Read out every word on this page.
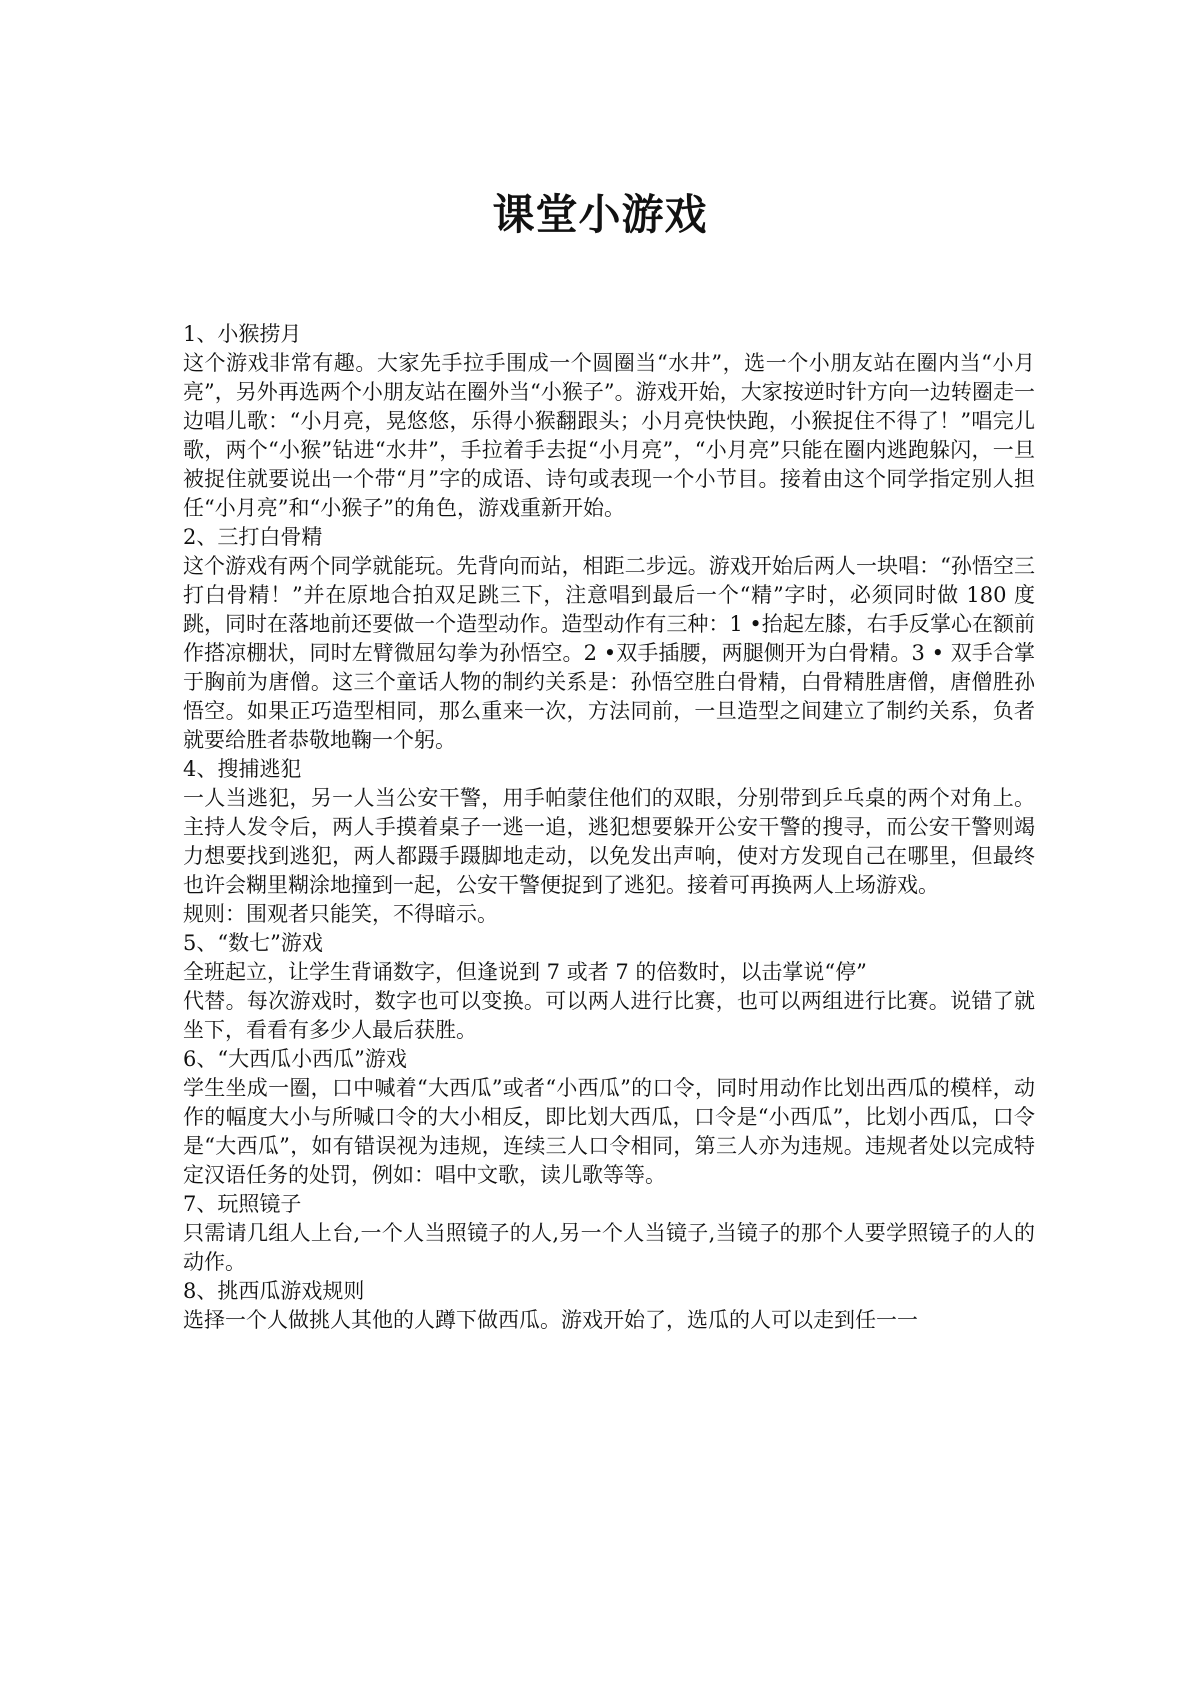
课堂小游戏

1、小猴捞月

这个游戏非常有趣。大家先手拉手围成一个圆圈当“水井”，选一个小朋友站在圈内当“小月亮”，另外再选两个小朋友站在圈外当“小猴子”。游戏开始，大家按逆时针方向一边转圈走一边唱儿歌：“小月亮，晃悠悠，乐得小猴翻跟头；小月亮快快跑，小猴捉住不得了！”唱完儿歌，两个“小猴”钻进“水井”，手拉着手去捉“小月亮”，“小月亮”只能在圈内逃跑躲闪，一旦被捉住就要说出一个带“月”字的成语、诗句或表现一个小节目。接着由这个同学指定别人担任“小月亮”和“小猴子”的角色，游戏重新开始。

2、三打白骨精

这个游戏有两个同学就能玩。先背向而站，相距二步远。游戏开始后两人一块唱：“孙悟空三打白骨精！”并在原地合拍双足跳三下，注意唱到最后一个“精”字时，必须同时做 180 度跳，同时在落地前还要做一个造型动作。造型动作有三种：1 •抬起左膝，右手反掌心在额前作搭凉棚状，同时左臂微屈勾拳为孙悟空。2 •双手插腰，两腿侧开为白骨精。3 • 双手合掌于胸前为唐僧。这三个童话人物的制约关系是：孙悟空胜白骨精，白骨精胜唐僧，唐僧胜孙悟空。如果正巧造型相同，那么重来一次，方法同前，一旦造型之间建立了制约关系，负者就要给胜者恭敬地鞠一个躬。

4、搜捕逃犯

一人当逃犯，另一人当公安干警，用手帕蒙住他们的双眼，分别带到乒乓桌的两个对角上。主持人发令后，两人手摸着桌子一逃一追，逃犯想要躲开公安干警的搜寻，而公安干警则竭力想要找到逃犯，两人都蹑手蹑脚地走动，以免发出声响，使对方发现自己在哪里，但最终也许会糊里糊涂地撞到一起，公安干警便捉到了逃犯。接着可再换两人上场游戏。

规则：围观者只能笑，不得暗示。

5、“数七”游戏

全班起立，让学生背诵数字，但逢说到 7 或者 7 的倍数时，以击掌说“停”

代替。每次游戏时，数字也可以变换。可以两人进行比赛，也可以两组进行比赛。说错了就坐下，看看有多少人最后获胜。

6、“大西瓜小西瓜”游戏

学生坐成一圈，口中喊着“大西瓜”或者“小西瓜”的口令，同时用动作比划出西瓜的模样，动作的幅度大小与所喊口令的大小相反，即比划大西瓜，口令是“小西瓜”，比划小西瓜，口令是“大西瓜”，如有错误视为违规，连续三人口令相同，第三人亦为违规。违规者处以完成特定汉语任务的处罚，例如：唱中文歌，读儿歌等等。

7、玩照镜子

只需请几组人上台,一个人当照镜子的人,另一个人当镜子,当镜子的那个人要学照镜子的人的动作。

8、挑西瓜游戏规则

选择一个人做挑人其他的人蹲下做西瓜。游戏开始了，选瓜的人可以走到任一一
